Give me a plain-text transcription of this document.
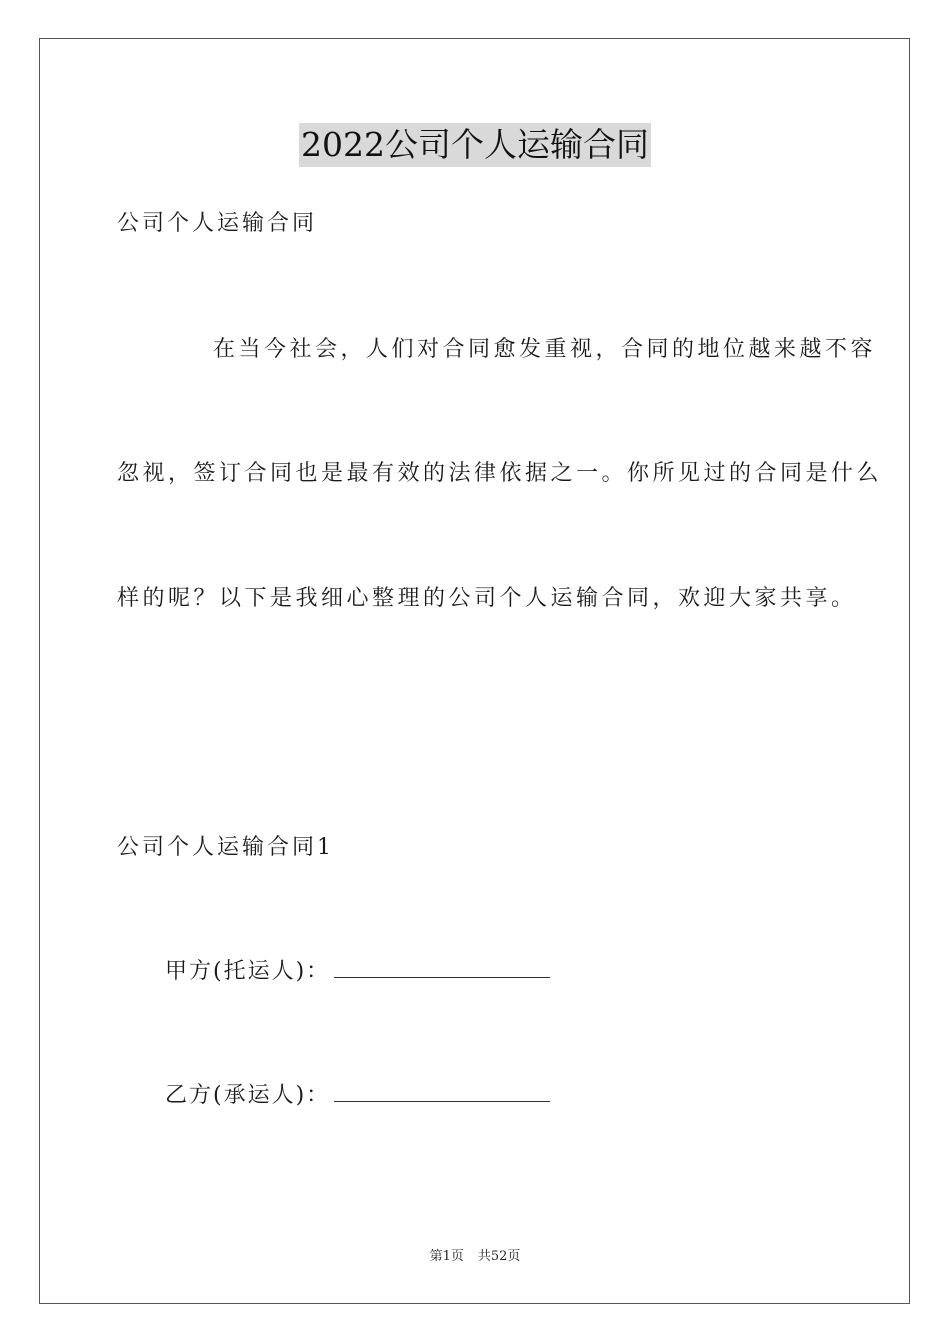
2022公司个人运输合同
公司个人运输合同
在当今社会，人们对合同愈发重视，合同的地位越来越不容
忽视，签订合同也是最有效的法律依据之一。你所见过的合同是什么
样的呢？以下是我细心整理的公司个人运输合同，欢迎大家共享。
公司个人运输合同1
甲方(托运人)：
乙方(承运人)：
第1页 共52页
